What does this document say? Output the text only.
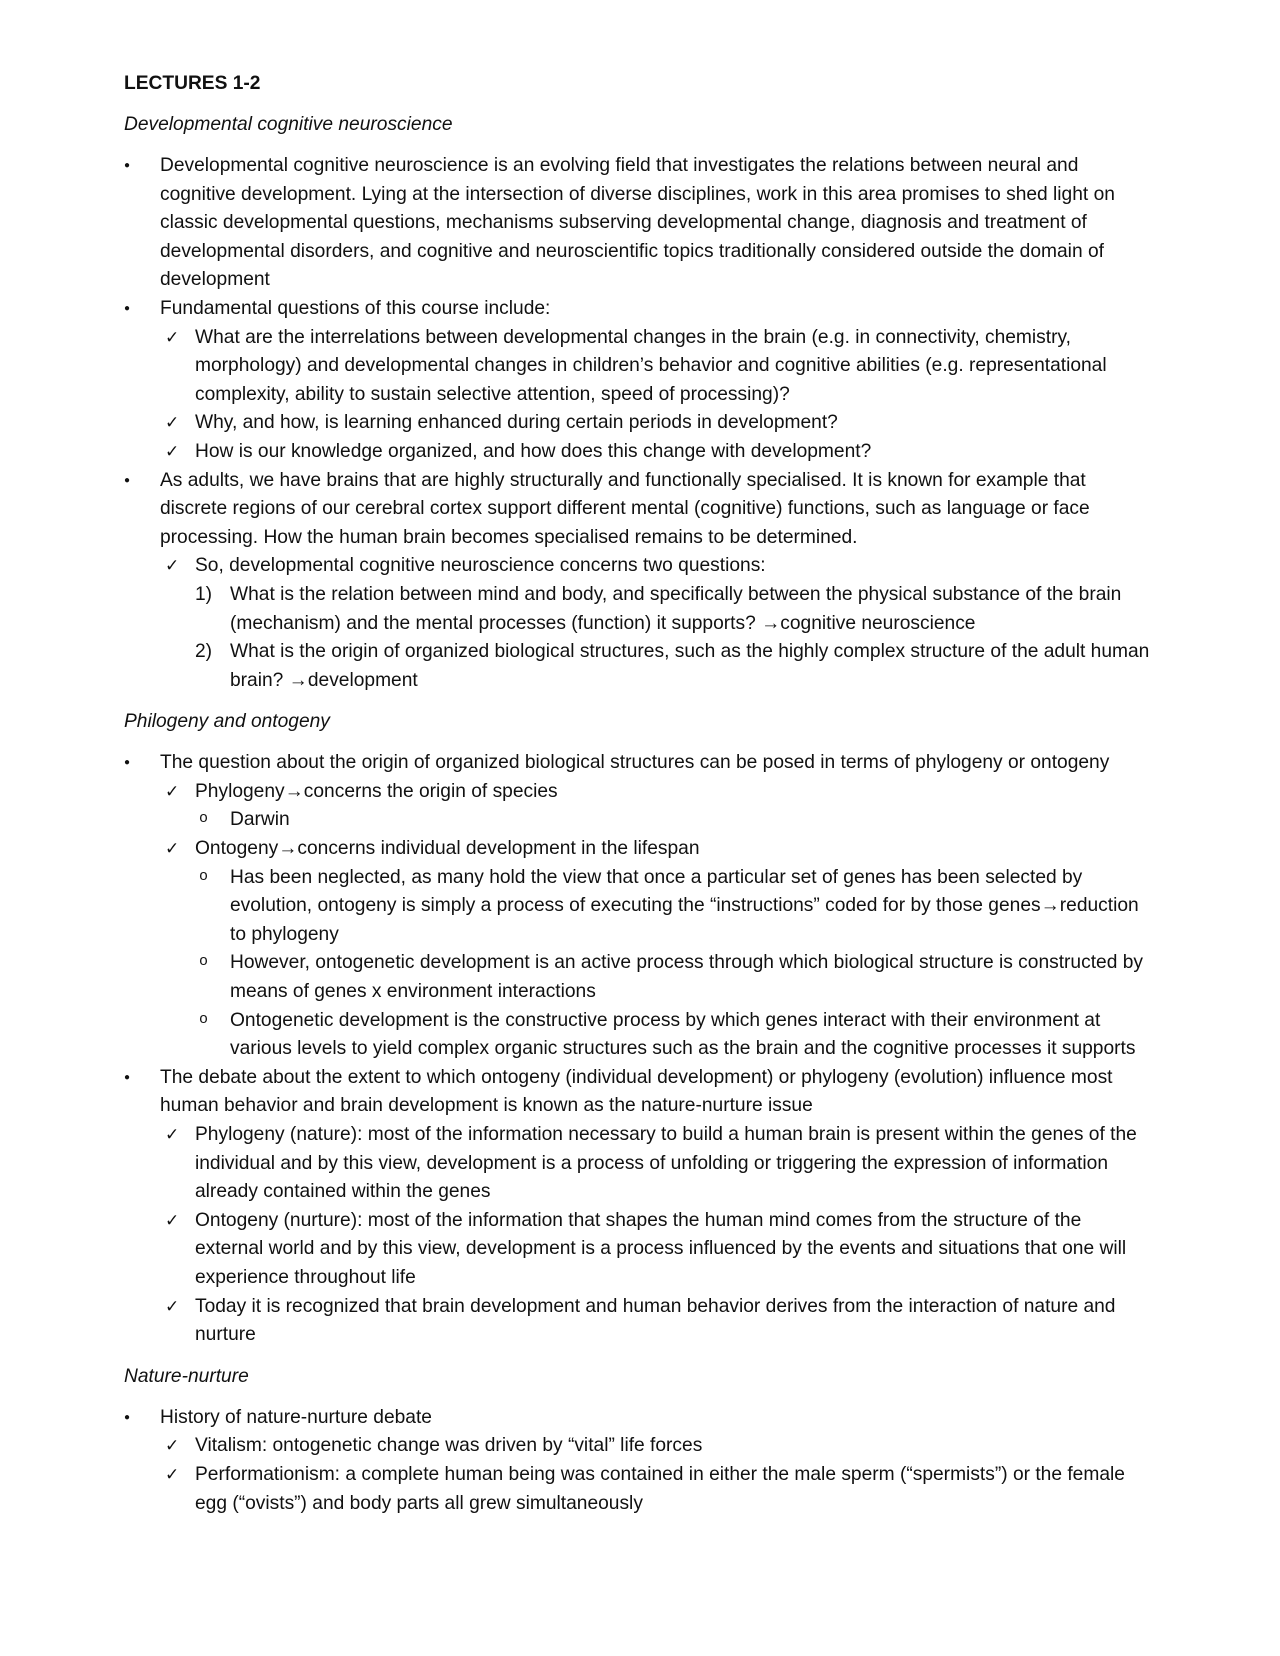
LECTURES 1-2
Developmental cognitive neuroscience
● Developmental cognitive neuroscience is an evolving field that investigates the relations between neural and cognitive development. Lying at the intersection of diverse disciplines, work in this area promises to shed light on classic developmental questions, mechanisms subserving developmental change, diagnosis and treatment of developmental disorders, and cognitive and neuroscientific topics traditionally considered outside the domain of development
● Fundamental questions of this course include:
✓ What are the interrelations between developmental changes in the brain (e.g. in connectivity, chemistry, morphology) and developmental changes in children’s behavior and cognitive abilities (e.g. representational complexity, ability to sustain selective attention, speed of processing)?
✓ Why, and how, is learning enhanced during certain periods in development?
✓ How is our knowledge organized, and how does this change with development?
● As adults, we have brains that are highly structurally and functionally specialised. It is known for example that discrete regions of our cerebral cortex support different mental (cognitive) functions, such as language or face processing. How the human brain becomes specialised remains to be determined.
✓ So, developmental cognitive neuroscience concerns two questions:
1) What is the relation between mind and body, and specifically between the physical substance of the brain (mechanism) and the mental processes (function) it supports? →cognitive neuroscience
2) What is the origin of organized biological structures, such as the highly complex structure of the adult human brain? →development
Philogeny and ontogeny
● The question about the origin of organized biological structures can be posed in terms of phylogeny or ontogeny
✓ Phylogeny→concerns the origin of species
o Darwin
✓ Ontogeny→concerns individual development in the lifespan
o Has been neglected, as many hold the view that once a particular set of genes has been selected by evolution, ontogeny is simply a process of executing the “instructions” coded for by those genes→reduction to phylogeny
o However, ontogenetic development is an active process through which biological structure is constructed by means of genes x environment interactions
o Ontogenetic development is the constructive process by which genes interact with their environment at various levels to yield complex organic structures such as the brain and the cognitive processes it supports
● The debate about the extent to which ontogeny (individual development) or phylogeny (evolution) influence most human behavior and brain development is known as the nature-nurture issue
✓ Phylogeny (nature): most of the information necessary to build a human brain is present within the genes of the individual and by this view, development is a process of unfolding or triggering the expression of information already contained within the genes
✓ Ontogeny (nurture): most of the information that shapes the human mind comes from the structure of the external world and by this view, development is a process influenced by the events and situations that one will experience throughout life
✓ Today it is recognized that brain development and human behavior derives from the interaction of nature and nurture
Nature-nurture
● History of nature-nurture debate
✓ Vitalism: ontogenetic change was driven by “vital” life forces
✓ Performationism: a complete human being was contained in either the male sperm (“spermists”) or the female egg (“ovists”) and body parts all grew simultaneously
